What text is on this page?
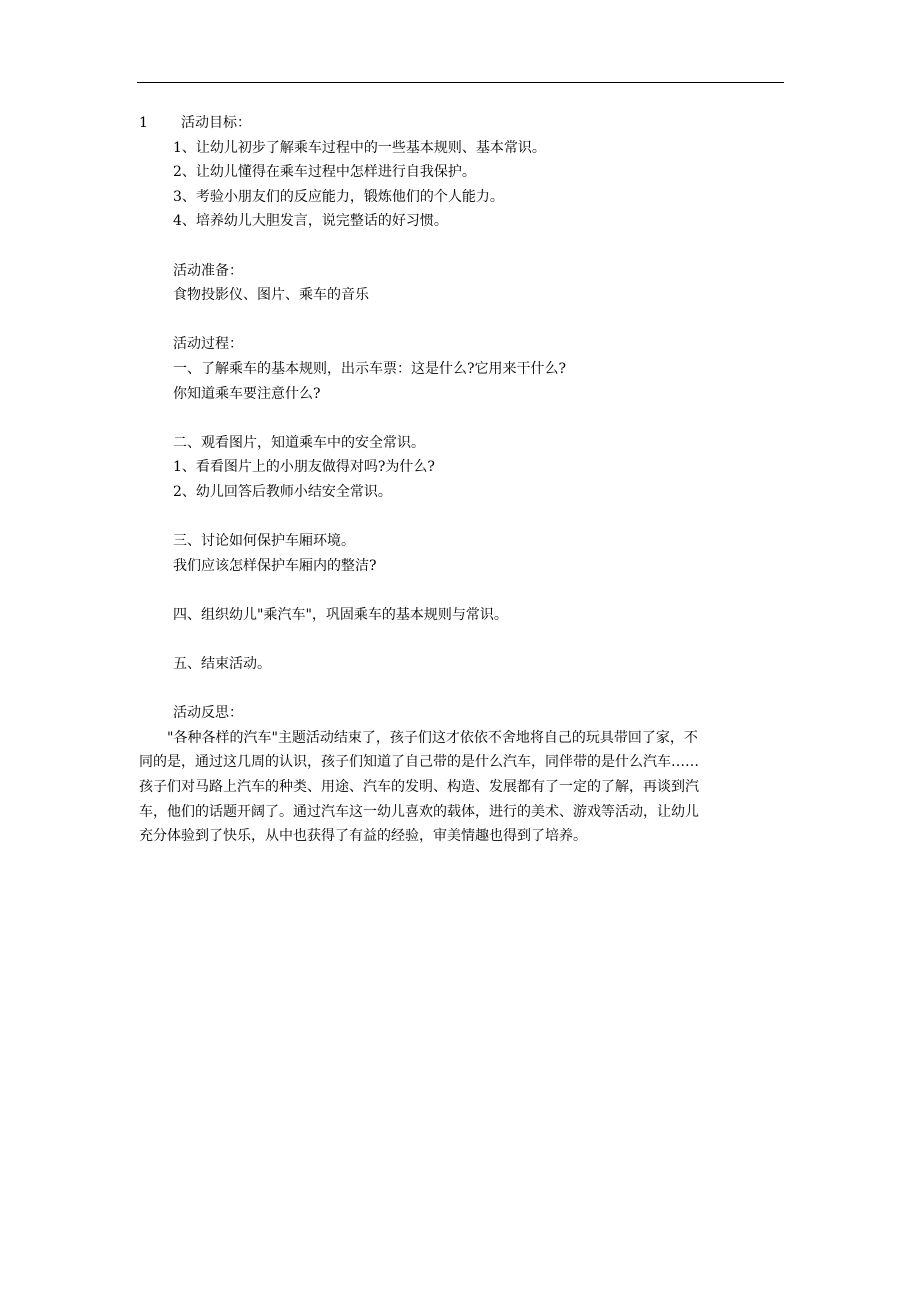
1 活动目标：
1、让幼儿初步了解乘车过程中的一些基本规则、基本常识。
2、让幼儿懂得在乘车过程中怎样进行自我保护。
3、考验小朋友们的反应能力，锻炼他们的个人能力。
4、培养幼儿大胆发言，说完整话的好习惯。
活动准备：
食物投影仪、图片、乘车的音乐
活动过程：
一、了解乘车的基本规则，出示车票：这是什么?它用来干什么?
你知道乘车要注意什么?
二、观看图片，知道乘车中的安全常识。
1、看看图片上的小朋友做得对吗?为什么?
2、幼儿回答后教师小结安全常识。
三、讨论如何保护车厢环境。
我们应该怎样保护车厢内的整洁?
四、组织幼儿"乘汽车"，巩固乘车的基本规则与常识。
五、结束活动。
活动反思：
"各种各样的汽车"主题活动结束了，孩子们这才依依不舍地将自己的玩具带回了家，不
同的是，通过这几周的认识，孩子们知道了自己带的是什么汽车，同伴带的是什么汽车……
孩子们对马路上汽车的种类、用途、汽车的发明、构造、发展都有了一定的了解，再谈到汽
车，他们的话题开阔了。通过汽车这一幼儿喜欢的载体，进行的美术、游戏等活动，让幼儿
充分体验到了快乐，从中也获得了有益的经验，审美情趣也得到了培养。
